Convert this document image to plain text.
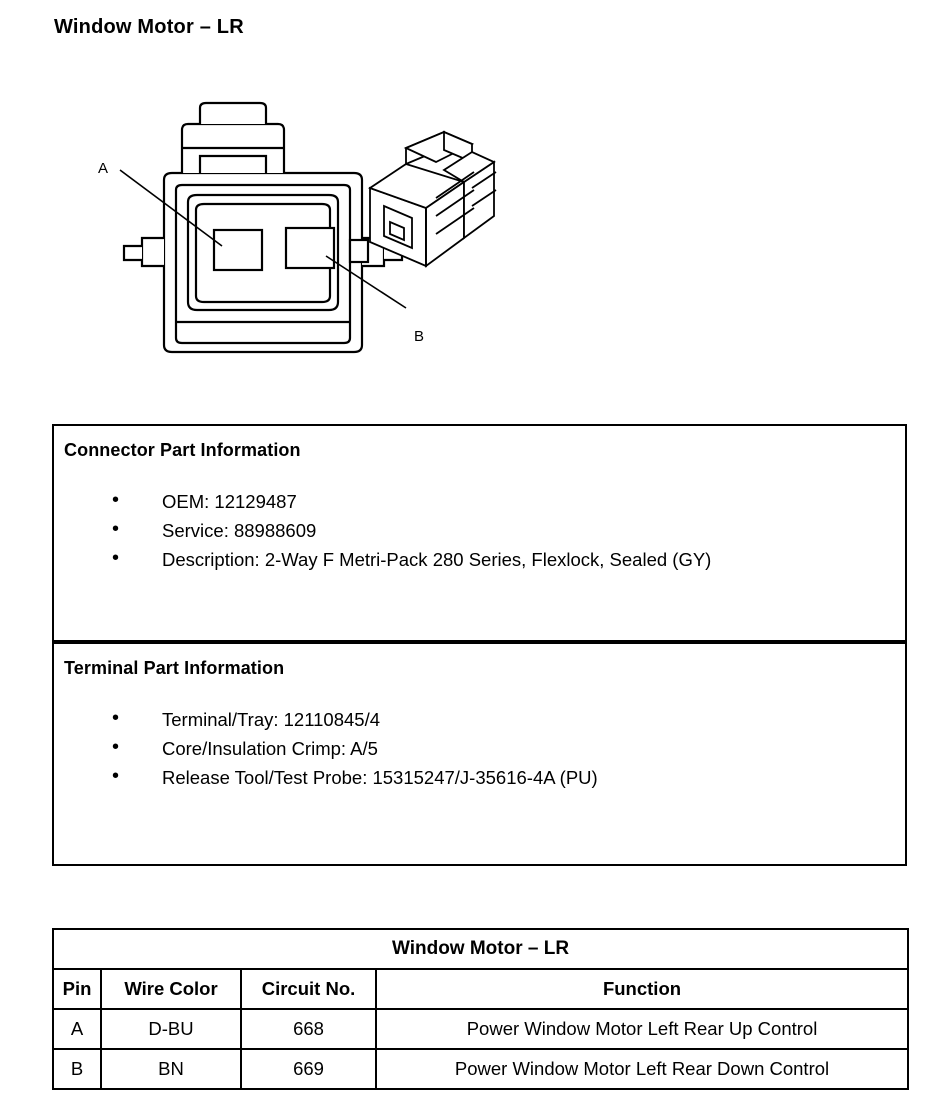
Window Motor – LR
A
B
Connector Part Information
• OEM: 12129487
• Service: 88988609
• Description: 2-Way F Metri-Pack 280 Series, Flexlock, Sealed (GY)
Terminal Part Information
• Terminal/Tray: 12110845/4
• Core/Insulation Crimp: A/5
• Release Tool/Test Probe: 15315247/J-35616-4A (PU)
Window Motor – LR			
Pin	Wire Color	Circuit No.	Function
A	D-BU	668	Power Window Motor Left Rear Up Control
B	BN	669	Power Window Motor Left Rear Down Control
